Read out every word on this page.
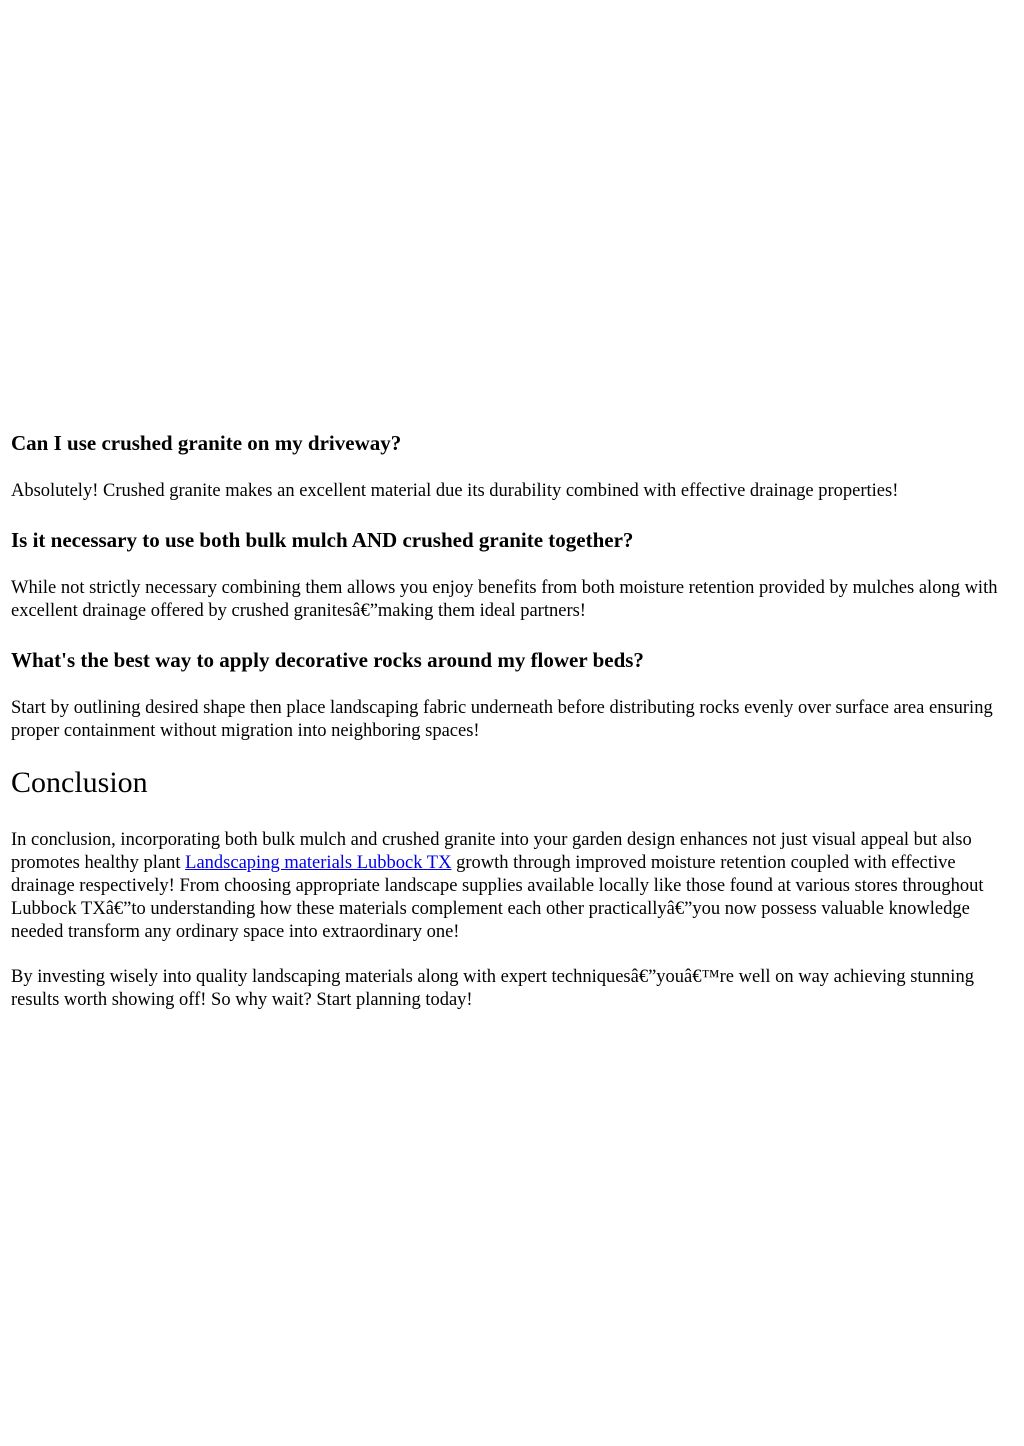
Can I use crushed granite on my driveway?

Absolutely! Crushed granite makes an excellent material due its durability combined with effective drainage properties!

Is it necessary to use both bulk mulch AND crushed granite together?

While not strictly necessary combining them allows you enjoy benefits from both moisture retention provided by mulches along with excellent drainage offered by crushed granitesâ€”making them ideal partners!

What's the best way to apply decorative rocks around my flower beds?

Start by outlining desired shape then place landscaping fabric underneath before distributing rocks evenly over surface area ensuring proper containment without migration into neighboring spaces!

Conclusion

In conclusion, incorporating both bulk mulch and crushed granite into your garden design enhances not just visual appeal but also promotes healthy plant Landscaping materials Lubbock TX growth through improved moisture retention coupled with effective drainage respectively! From choosing appropriate landscape supplies available locally like those found at various stores throughout Lubbock TXâ€”to understanding how these materials complement each other practicallyâ€”you now possess valuable knowledge needed transform any ordinary space into extraordinary one!

By investing wisely into quality landscaping materials along with expert techniquesâ€”youâ€™re well on way achieving stunning results worth showing off! So why wait? Start planning today!
